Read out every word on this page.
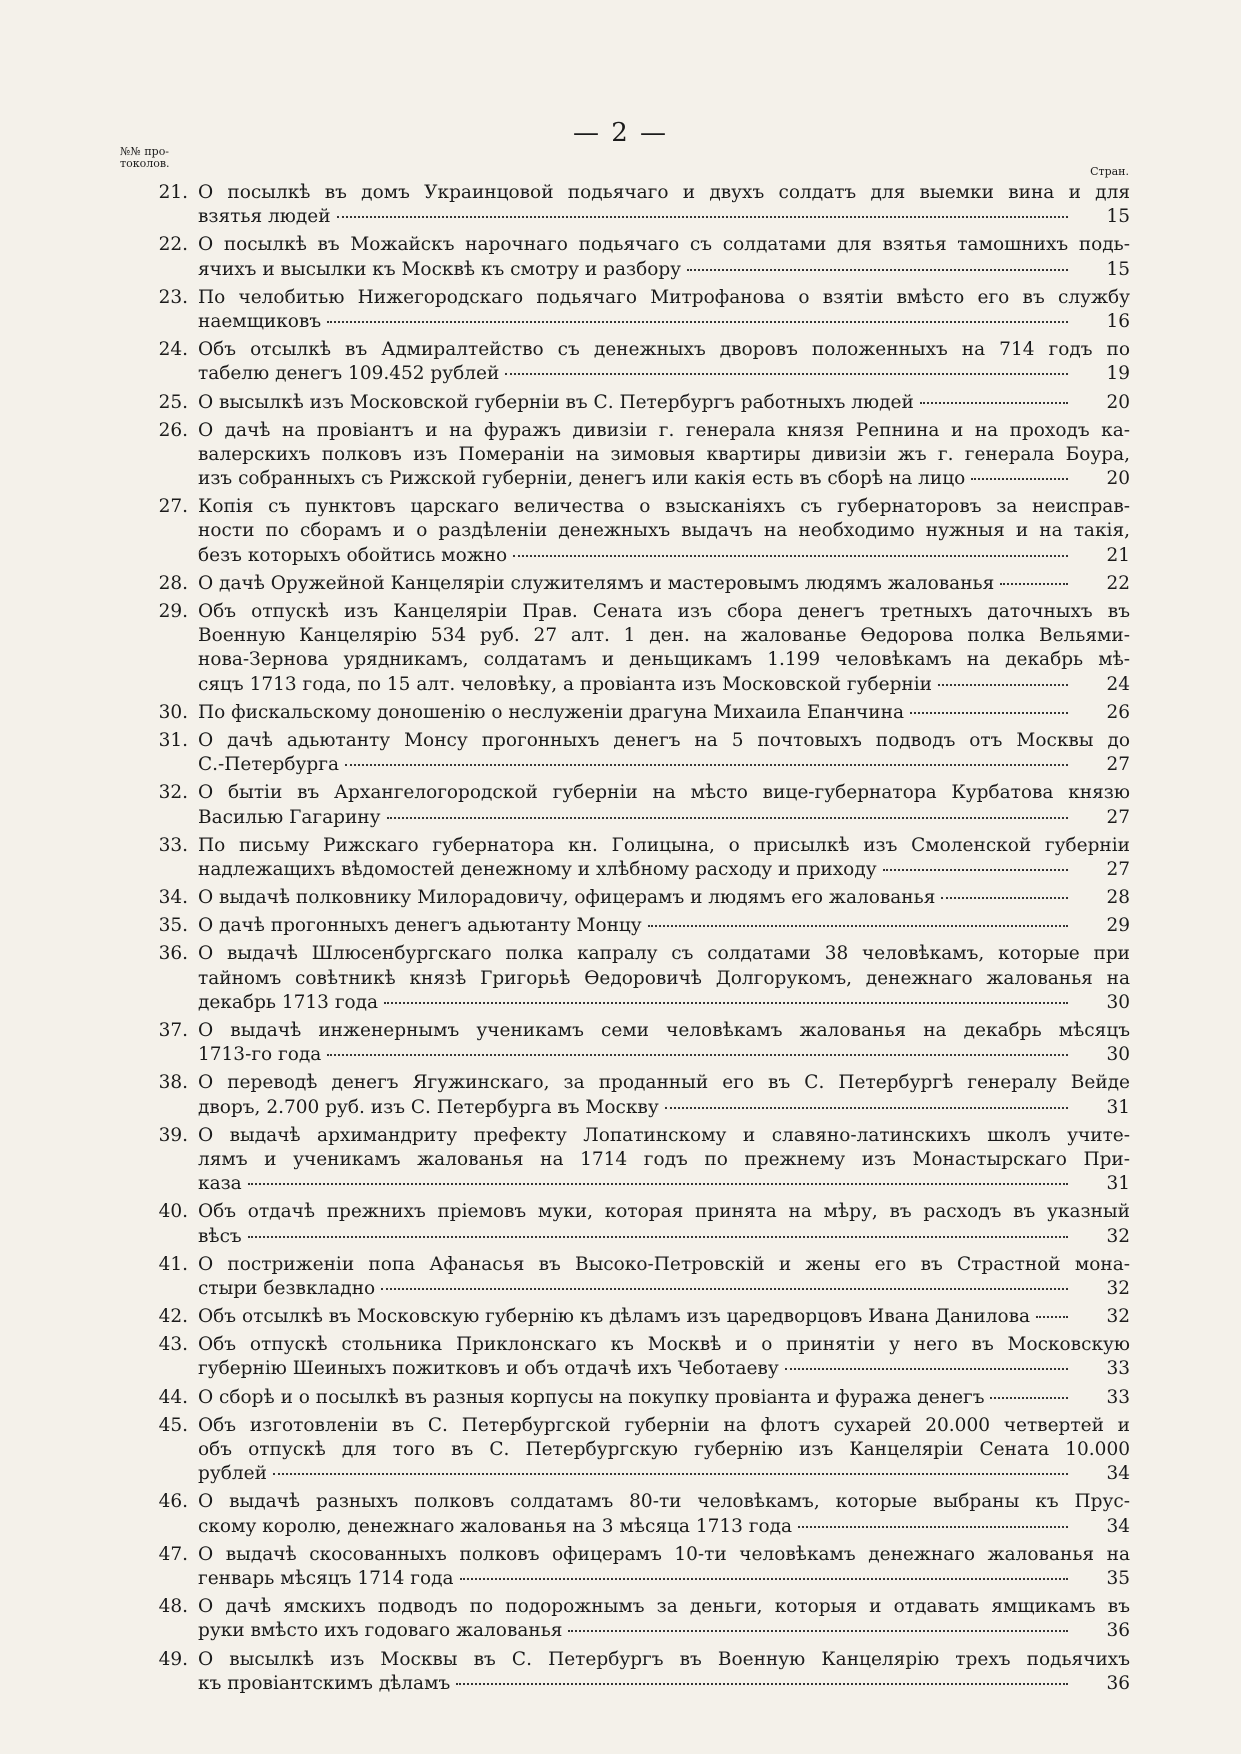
— 2 —
№№ про-
токолов.
Стран.
21. О посылкѣ въ домъ Украинцовой подьячаго и двухъ солдатъ для выемки вина и для
взятья людей	15
22. О посылкѣ въ Можайскъ нарочнаго подьячаго съ солдатами для взятья тамошнихъ подь-
ячихъ и высылки къ Москвѣ къ смотру и разбору	15
23. По челобитью Нижегородскаго подьячаго Митрофанова о взятіи вмѣсто его въ службу
наемщиковъ	16
24. Объ отсылкѣ въ Адмиралтейство съ денежныхъ дворовъ положенныхъ на 714 годъ по
табелю денегъ 109.452 рублей	19
25. О высылкѣ изъ Московской губерніи въ С. Петербургъ работныхъ людей	20
26. О дачѣ на провіантъ и на фуражъ дивизіи г. генерала князя Репнина и на проходъ ка-
валерскихъ полковъ изъ Помераніи на зимовыя квартиры дивизіи жъ г. генерала Боура,
изъ собранныхъ съ Рижской губерніи, денегъ или какія есть въ сборѣ на лицо	20
27. Копія съ пунктовъ царскаго величества о взысканіяхъ съ губернаторовъ за неисправ-
ности по сборамъ и о раздѣленіи денежныхъ выдачъ на необходимо нужныя и на такія,
безъ которыхъ обойтись можно	21
28. О дачѣ Оружейной Канцеляріи служителямъ и мастеровымъ людямъ жалованья	22
29. Объ отпускѣ изъ Канцеляріи Прав. Сената изъ сбора денегъ третныхъ даточныхъ въ
Военную Канцелярію 534 руб. 27 алт. 1 ден. на жалованье Ѳедорова полка Вельями-
нова-Зернова урядникамъ, солдатамъ и деньщикамъ 1.199 человѣкамъ на декабрь мѣ-
сяцъ 1713 года, по 15 алт. человѣку, а провіанта изъ Московской губерніи	24
30. По фискальскому доношенію о неслуженіи драгуна Михаила Епанчина	26
31. О дачѣ адьютанту Монсу прогонныхъ денегъ на 5 почтовыхъ подводъ отъ Москвы до
С.-Петербурга	27
32. О бытіи въ Архангелогородской губерніи на мѣсто вице-губернатора Курбатова князю
Василью Гагарину	27
33. По письму Рижскаго губернатора кн. Голицына, о присылкѣ изъ Смоленской губерніи
надлежащихъ вѣдомостей денежному и хлѣбному расходу и приходу	27
34. О выдачѣ полковнику Милорадовичу, офицерамъ и людямъ его жалованья	28
35. О дачѣ прогонныхъ денегъ адьютанту Монцу	29
36. О выдачѣ Шлюсенбургскаго полка капралу съ солдатами 38 человѣкамъ, которые при
тайномъ совѣтникѣ князѣ Григорьѣ Ѳедоровичѣ Долгорукомъ, денежнаго жалованья на
декабрь 1713 года	30
37. О выдачѣ инженернымъ ученикамъ семи человѣкамъ жалованья на декабрь мѣсяцъ
1713-го года	30
38. О переводѣ денегъ Ягужинскаго, за проданный его въ С. Петербургѣ генералу Вейде
дворъ, 2.700 руб. изъ С. Петербурга въ Москву	31
39. О выдачѣ архимандриту префекту Лопатинскому и славяно-латинскихъ школъ учите-
лямъ и ученикамъ жалованья на 1714 годъ по прежнему изъ Монастырскаго При-
каза	31
40. Объ отдачѣ прежнихъ пріемовъ муки, которая принята на мѣру, въ расходъ въ указный
вѣсъ	32
41. О постриженіи попа Афанасья въ Высоко-Петровскій и жены его въ Страстной мона-
стыри безвкладно	32
42. Объ отсылкѣ въ Московскую губернію къ дѣламъ изъ царедворцовъ Ивана Данилова	32
43. Объ отпускѣ стольника Приклонскаго къ Москвѣ и о принятіи у него въ Московскую
губернію Шеиныхъ пожитковъ и объ отдачѣ ихъ Чеботаеву	33
44. О сборѣ и о посылкѣ въ разныя корпусы на покупку провіанта и фуража денегъ	33
45. Объ изготовленіи въ С. Петербургской губерніи на флотъ сухарей 20.000 четвертей и
объ отпускѣ для того въ С. Петербургскую губернію изъ Канцеляріи Сената 10.000
рублей	34
46. О выдачѣ разныхъ полковъ солдатамъ 80-ти человѣкамъ, которые выбраны къ Прус-
скому королю, денежнаго жалованья на 3 мѣсяца 1713 года	34
47. О выдачѣ скосованныхъ полковъ офицерамъ 10-ти человѣкамъ денежнаго жалованья на
генварь мѣсяцъ 1714 года	35
48. О дачѣ ямскихъ подводъ по подорожнымъ за деньги, которыя и отдавать ямщикамъ въ
руки вмѣсто ихъ годоваго жалованья	36
49. О высылкѣ изъ Москвы въ С. Петербургъ въ Военную Канцелярію трехъ подьячихъ
къ провіантскимъ дѣламъ	36
